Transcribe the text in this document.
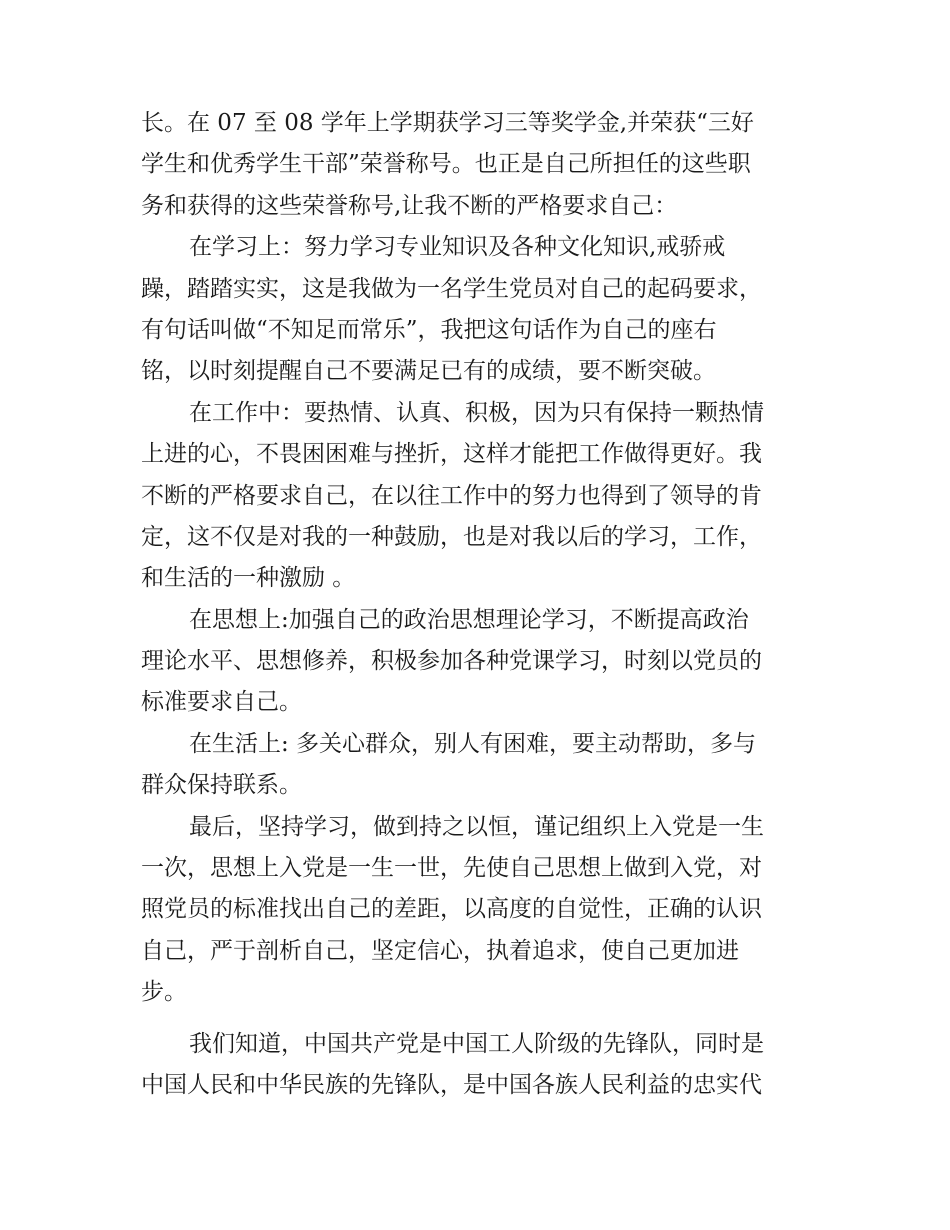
长。在 07 至 08 学年上学期获学习三等奖学金,并荣获“三好
学生和优秀学生干部”荣誉称号。也正是自己所担任的这些职
务和获得的这些荣誉称号,让我不断的严格要求自己：
在学习上：努力学习专业知识及各种文化知识,戒骄戒
躁，踏踏实实，这是我做为一名学生党员对自己的起码要求，
有句话叫做“不知足而常乐”，我把这句话作为自己的座右
铭，以时刻提醒自己不要满足已有的成绩，要不断突破。
在工作中：要热情、认真、积极，因为只有保持一颗热情
上进的心，不畏困困难与挫折，这样才能把工作做得更好。我
不断的严格要求自己，在以往工作中的努力也得到了领导的肯
定，这不仅是对我的一种鼓励，也是对我以后的学习，工作，
和生活的一种激励 。
在思想上:加强自己的政治思想理论学习，不断提高政治
理论水平、思想修养，积极参加各种党课学习，时刻以党员的
标准要求自己。
在生活上: 多关心群众，别人有困难，要主动帮助，多与
群众保持联系。
最后，坚持学习，做到持之以恒，谨记组织上入党是一生
一次，思想上入党是一生一世，先使自己思想上做到入党，对
照党员的标准找出自己的差距，以高度的自觉性，正确的认识
自己，严于剖析自己，坚定信心，执着追求，使自己更加进
步。
我们知道，中国共产党是中国工人阶级的先锋队，同时是
中国人民和中华民族的先锋队，是中国各族人民利益的忠实代
